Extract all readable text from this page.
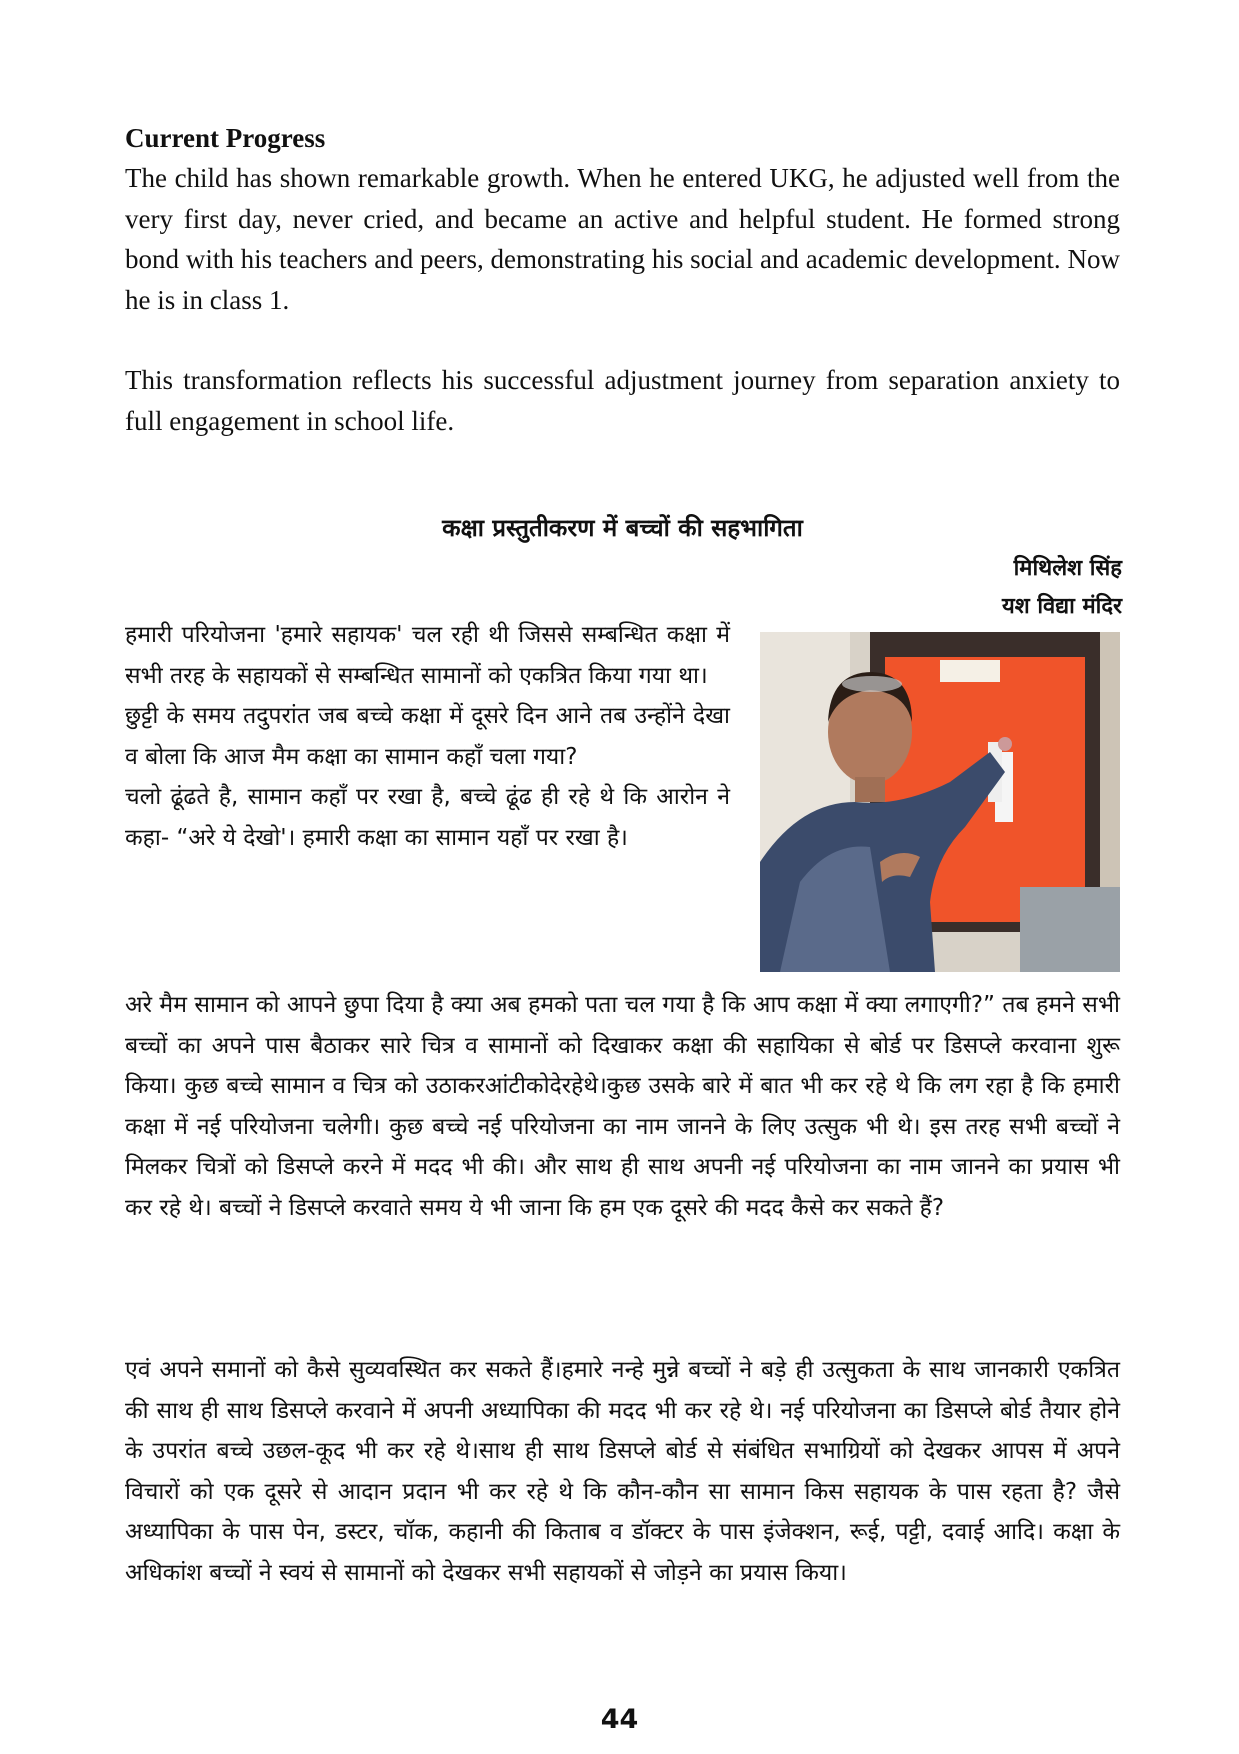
Current Progress

The child has shown remarkable growth. When he entered UKG, he adjusted well from the very first day, never cried, and became an active and helpful student. He formed strong bond with his teachers and peers, demonstrating his social and academic development. Now he is in class 1.

This transformation reflects his successful adjustment journey from separation anxiety to full engagement in school life.

कक्षा प्रस्तुतीकरण में बच्चों की सहभागिता
मिथिलेश सिंह
यश विद्या मंदिर

हमारी परियोजना 'हमारे सहायक' चल रही थी जिससे सम्बन्धित कक्षा में सभी तरह के सहायकों से सम्बन्धित सामानों को एकत्रित किया गया था।

छुट्टी के समय तदुपरांत जब बच्चे कक्षा में दूसरे दिन आने तब उन्होंने देखा व बोला कि आज मैम कक्षा का सामान कहाँ चला गया?

चलो ढूंढते है, सामान कहाँ पर रखा है, बच्चे ढूंढ ही रहे थे कि आरोन ने कहा- “अरे ये देखो'। हमारी कक्षा का सामान यहाँ पर रखा है।

अरे मैम सामान को आपने छुपा दिया है क्या अब हमको पता चल गया है कि आप कक्षा में क्या लगाएगी?” तब हमने सभी बच्चों का अपने पास बैठाकर सारे चित्र व सामानों को दिखाकर कक्षा की सहायिका से बोर्ड पर डिसप्ले करवाना शुरू किया। कुछ बच्चे सामान व चित्र को उठाकरआंटीकोदेरहेथे।कुछ उसके बारे में बात भी कर रहे थे कि लग रहा है कि हमारी कक्षा में नई परियोजना चलेगी। कुछ बच्चे नई परियोजना का नाम जानने के लिए उत्सुक भी थे। इस तरह सभी बच्चों ने मिलकर चित्रों को डिसप्ले करने में मदद भी की। और साथ ही साथ अपनी नई परियोजना का नाम जानने का प्रयास भी कर रहे थे। बच्चों ने डिसप्ले करवाते समय ये भी जाना कि हम एक दूसरे की मदद कैसे कर सकते हैं?

एवं अपने समानों को कैसे सुव्यवस्थित कर सकते हैं।हमारे नन्हे मुन्ने बच्चों ने बड़े ही उत्सुकता के साथ जानकारी एकत्रित की साथ ही साथ डिसप्ले करवाने में अपनी अध्यापिका की मदद भी कर रहे थे। नई परियोजना का डिसप्ले बोर्ड तैयार होने के उपरांत बच्चे उछल-कूद भी कर रहे थे।साथ ही साथ डिसप्ले बोर्ड से संबंधित सभाग्रियों को देखकर आपस में अपने विचारों को एक दूसरे से आदान प्रदान भी कर रहे थे कि कौन-कौन सा सामान किस सहायक के पास रहता है? जैसे अध्यापिका के पास पेन, डस्टर, चॉक, कहानी की किताब व डॉक्टर के पास इंजेक्शन, रूई, पट्टी, दवाई आदि। कक्षा के अधिकांश बच्चों ने स्वयं से सामानों को देखकर सभी सहायकों से जोड़ने का प्रयास किया।

44
